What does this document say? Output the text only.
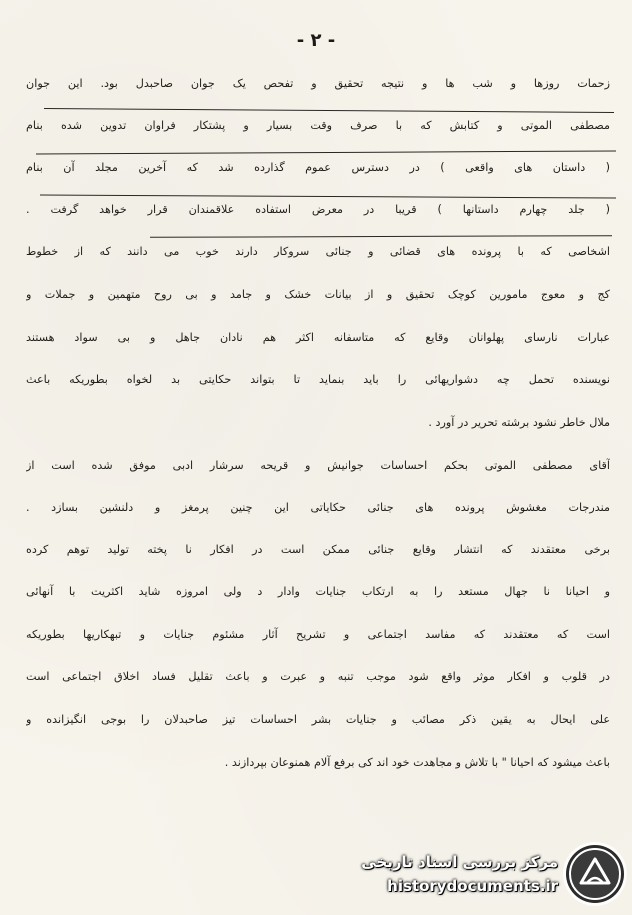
- ۲ -
زحمات روزها و شب ها و نتیجه تحقیق و تفحص یک جوان صاحبدل بود. این جوان
مصطفی الموتی و کتابش که با صرف وقت بسیار و پشتکار فراوان تدوین شده بنام
( داستان های واقعی ) در دسترس عموم گذارده شد که آخرین مجلد آن بنام
( جلد چهارم داستانها ) قریبا در معرض استفاده علاقمندان قرار خواهد گرفت .
اشخاصی که با پرونده های قضائی و جنائی سروکار دارند خوب می دانند که از خطوط
کج و معوج مامورین کوچک تحقیق و از بیانات خشک و جامد و بی روح متهمین و جملات و
عبارات نارسای پهلوانان وقایع که متاسفانه اکثر هم نادان جاهل و بی سواد هستند
نویسنده تحمل چه دشواریهائی را باید بنماید تا بتواند حکایتی بد لخواه بطوریکه باعث
ملال خاطر نشود برشته تحریر در آورد .
آقای مصطفی الموتی بحکم احساسات جوانیش و قریحه سرشار ادبی موفق شده است از
مندرجات مغشوش پرونده های جنائی حکایاتی این چنین پرمغز و دلنشین بسازد .
برخی معتقدند که انتشار وقایع جنائی ممکن است در افکار نا پخته تولید توهم کرده
و احیانا نا جهال مستعد را به ارتکاب جنایات وادار د ولی امروزه شاید اکثریت با آنهائی
است که معتقدند که مفاسد اجتماعی و تشریح آثار مشئوم جنایات و تبهکاریها بطوریکه
در قلوب و افکار موثر واقع شود موجب تنبه و عبرت و باعث تقلیل فساد اخلاق اجتماعی است
علی ایحال به یقین ذکر مصائب و جنایات بشر احساسات تیز صاحبدلان را بوجی انگیزانده و
باعث میشود که احیانا " با تلاش و مجاهدت خود اند کی برفع آلام همنوعان بپردازند .
مرکز بررسی اسناد تاریخی
historydocuments.ir
